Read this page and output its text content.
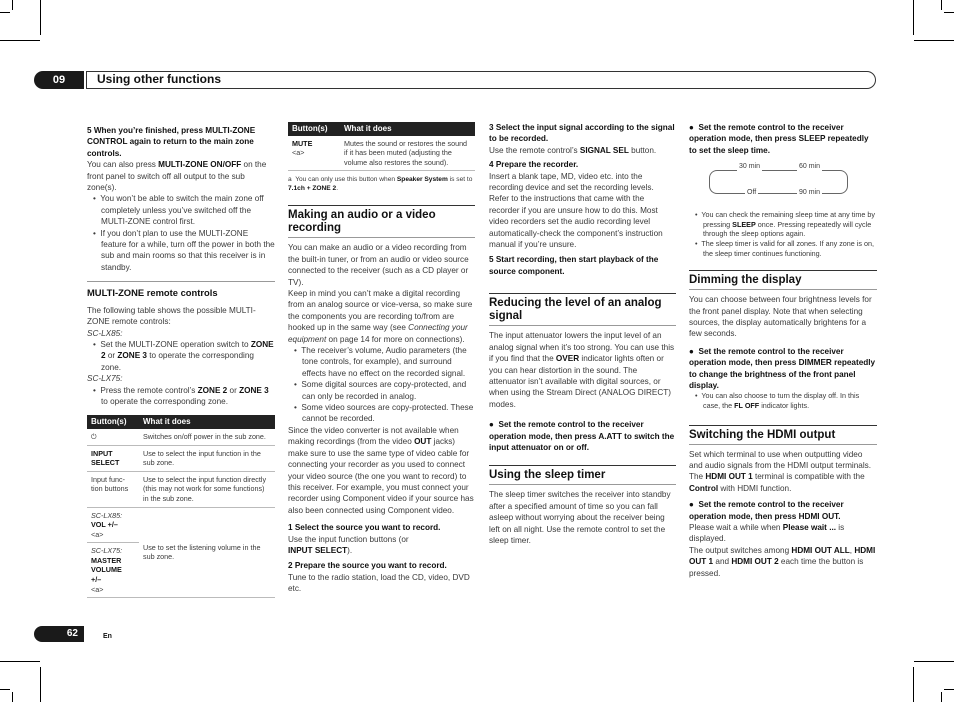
09	Using other functions

5 When you’re finished, press MULTI-ZONE CONTROL again to return to the main zone controls.

You can also press MULTI-ZONE ON/OFF on the front panel to switch off all output to the sub zone(s).

•  You won’t be able to switch the main zone off completely unless you’ve switched off the MULTI-ZONE control first.

•  If you don’t plan to use the MULTI-ZONE feature for a while, turn off the power in both the sub and main rooms so that this receiver is in standby.

MULTI-ZONE remote controls

The following table shows the possible MULTI-ZONE remote controls:

SC-LX85:

•  Set the MULTI-ZONE operation switch to ZONE 2 or ZONE 3 to operate the corresponding zone.

SC-LX75:

•  Press the remote control’s ZONE 2 or ZONE 3 to operate the corresponding zone.

Button(s)	What it does
⏻	Switches on/off power in the sub zone.
INPUT SELECT	Use to select the input function in the sub zone.
Input func-tion buttons	Use to select the input function directly (this may not work for some functions) in the sub zone.

SC-LX85:
VOL +/–
<a>	Use to set the listening volume in the sub zone.

SC-LX75:
MASTER VOLUME
+/–
<a>	
Button(s)	What it does

MUTE
<a>	Mutes the sound or restores the sound if it has been muted (adjusting the volume also restores the sound).

a You can only use this button when Speaker System is set to 7.1ch + ZONE 2.

Making an audio or a video recording

You can make an audio or a video recording from the built-in tuner, or from an audio or video source connected to the receiver (such as a CD player or TV).

Keep in mind you can’t make a digital recording from an analog source or vice-versa, so make sure the components you are recording to/from are hooked up in the same way (see Connecting your equipment on page 14 for more on connections).

•  The receiver’s volume, Audio parameters (the tone controls, for example), and surround effects have no effect on the recorded signal.

•  Some digital sources are copy-protected, and can only be recorded in analog.

•  Some video sources are copy-protected. These cannot be recorded.

Since the video converter is not available when making recordings (from the video OUT jacks) make sure to use the same type of video cable for connecting your recorder as you used to connect your video source (the one you want to record) to this receiver. For example, you must connect your recorder using Component video if your source has also been connected using Component video.

1 Select the source you want to record.

Use the input function buttons (or
INPUT SELECT).

2 Prepare the source you want to record.

Tune to the radio station, load the CD, video, DVD etc.

3 Select the input signal according to the signal to be recorded.

Use the remote control’s SIGNAL SEL button.

4 Prepare the recorder.

Insert a blank tape, MD, video etc. into the recording device and set the recording levels. Refer to the instructions that came with the recorder if you are unsure how to do this. Most video recorders set the audio recording level automatically-check the component’s instruction manual if you’re unsure.

5 Start recording, then start playback of the source component.

Reducing the level of an analog signal

The input attenuator lowers the input level of an analog signal when it’s too strong. You can use this if you find that the OVER indicator lights often or you can hear distortion in the sound. The attenuator isn’t available with digital sources, or when using the Stream Direct (ANALOG DIRECT) modes.

● Set the remote control to the receiver operation mode, then press A.ATT to switch the input attenuator on or off.

Using the sleep timer

The sleep timer switches the receiver into standby after a specified amount of time so you can fall asleep without worrying about the receiver being left on all night. Use the remote control to set the sleep timer.

● Set the remote control to the receiver operation mode, then press SLEEP repeatedly to set the sleep time.

30 min	60 min
Off	90 min

•  You can check the remaining sleep time at any time by pressing SLEEP once. Pressing repeatedly will cycle through the sleep options again.

•  The sleep timer is valid for all zones. If any zone is on, the sleep timer continues functioning.

Dimming the display

You can choose between four brightness levels for the front panel display. Note that when selecting sources, the display automatically brightens for a few seconds.

● Set the remote control to the receiver operation mode, then press DIMMER repeatedly to change the brightness of the front panel display.

•  You can also choose to turn the display off. In this case, the FL OFF indicator lights.

Switching the HDMI output

Set which terminal to use when outputting video and audio signals from the HDMI output terminals.

The HDMI OUT 1 terminal is compatible with the Control with HDMI function.

● Set the remote control to the receiver operation mode, then press HDMI OUT.

Please wait a while when Please wait ... is displayed.

The output switches among HDMI OUT ALL, HDMI OUT 1 and HDMI OUT 2 each time the button is pressed.

62	En
